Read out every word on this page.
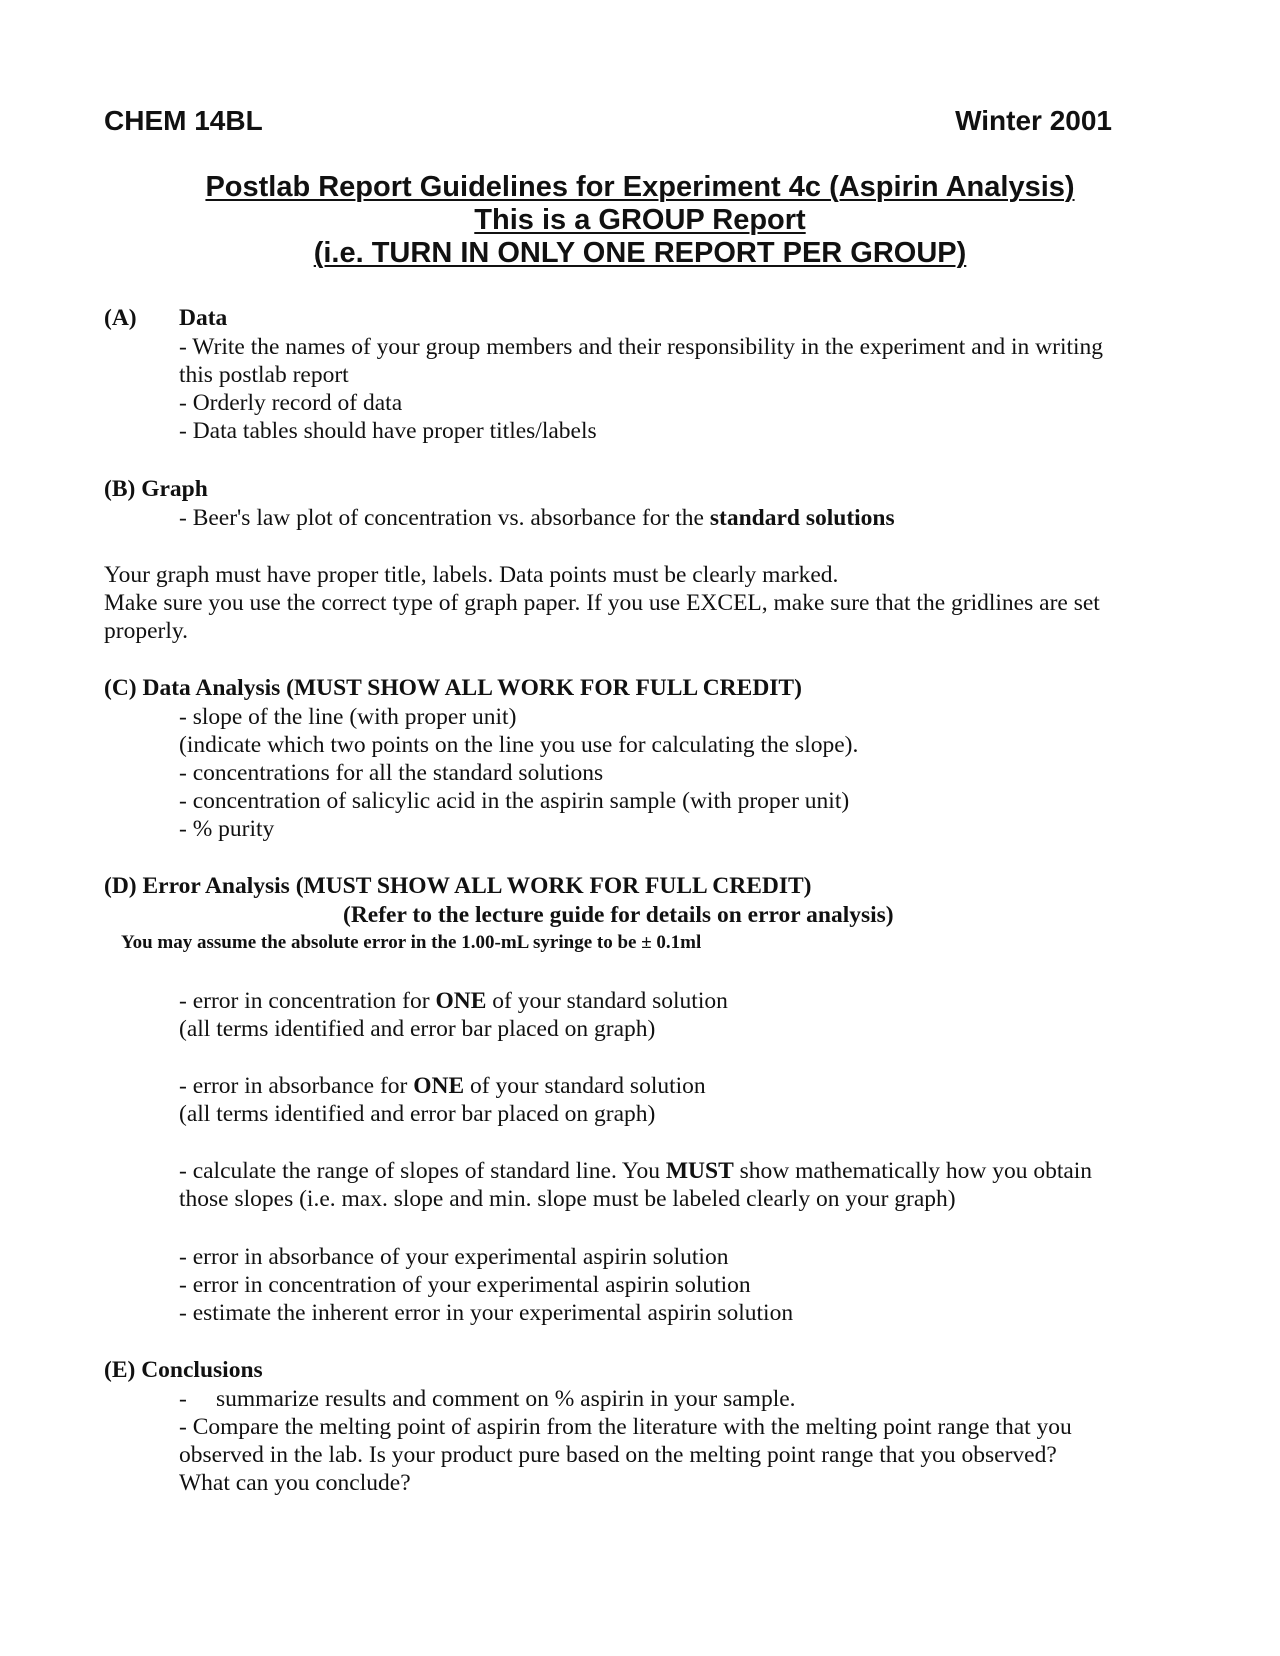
CHEM 14BL	Winter 2001
Postlab Report Guidelines for Experiment 4c (Aspirin Analysis)
This is a GROUP Report
(i.e. TURN IN ONLY ONE REPORT PER GROUP)
(A) Data
- Write the names of your group members and their responsibility in the experiment and in writing
this postlab report
- Orderly record of data
- Data tables should have proper titles/labels
(B) Graph
- Beer's law plot of concentration vs. absorbance for the standard solutions
Your graph must have proper title, labels. Data points must be clearly marked.
Make sure you use the correct type of graph paper. If you use EXCEL, make sure that the gridlines are set
properly.
(C) Data Analysis (MUST SHOW ALL WORK FOR FULL CREDIT)
- slope of the line (with proper unit)
(indicate which two points on the line you use for calculating the slope).
- concentrations for all the standard solutions
- concentration of salicylic acid in the aspirin sample (with proper unit)
- % purity
(D) Error Analysis (MUST SHOW ALL WORK FOR FULL CREDIT)
(Refer to the lecture guide for details on error analysis)
You may assume the absolute error in the 1.00-mL syringe to be ± 0.1ml
- error in concentration for ONE of your standard solution
(all terms identified and error bar placed on graph)
- error in absorbance for ONE of your standard solution
(all terms identified and error bar placed on graph)
- calculate the range of slopes of standard line. You MUST show mathematically how you obtain
those slopes (i.e. max. slope and min. slope must be labeled clearly on your graph)
- error in absorbance of your experimental aspirin solution
- error in concentration of your experimental aspirin solution
- estimate the inherent error in your experimental aspirin solution
(E) Conclusions
- summarize results and comment on % aspirin in your sample.
- Compare the melting point of aspirin from the literature with the melting point range that you
observed in the lab. Is your product pure based on the melting point range that you observed?
What can you conclude?
